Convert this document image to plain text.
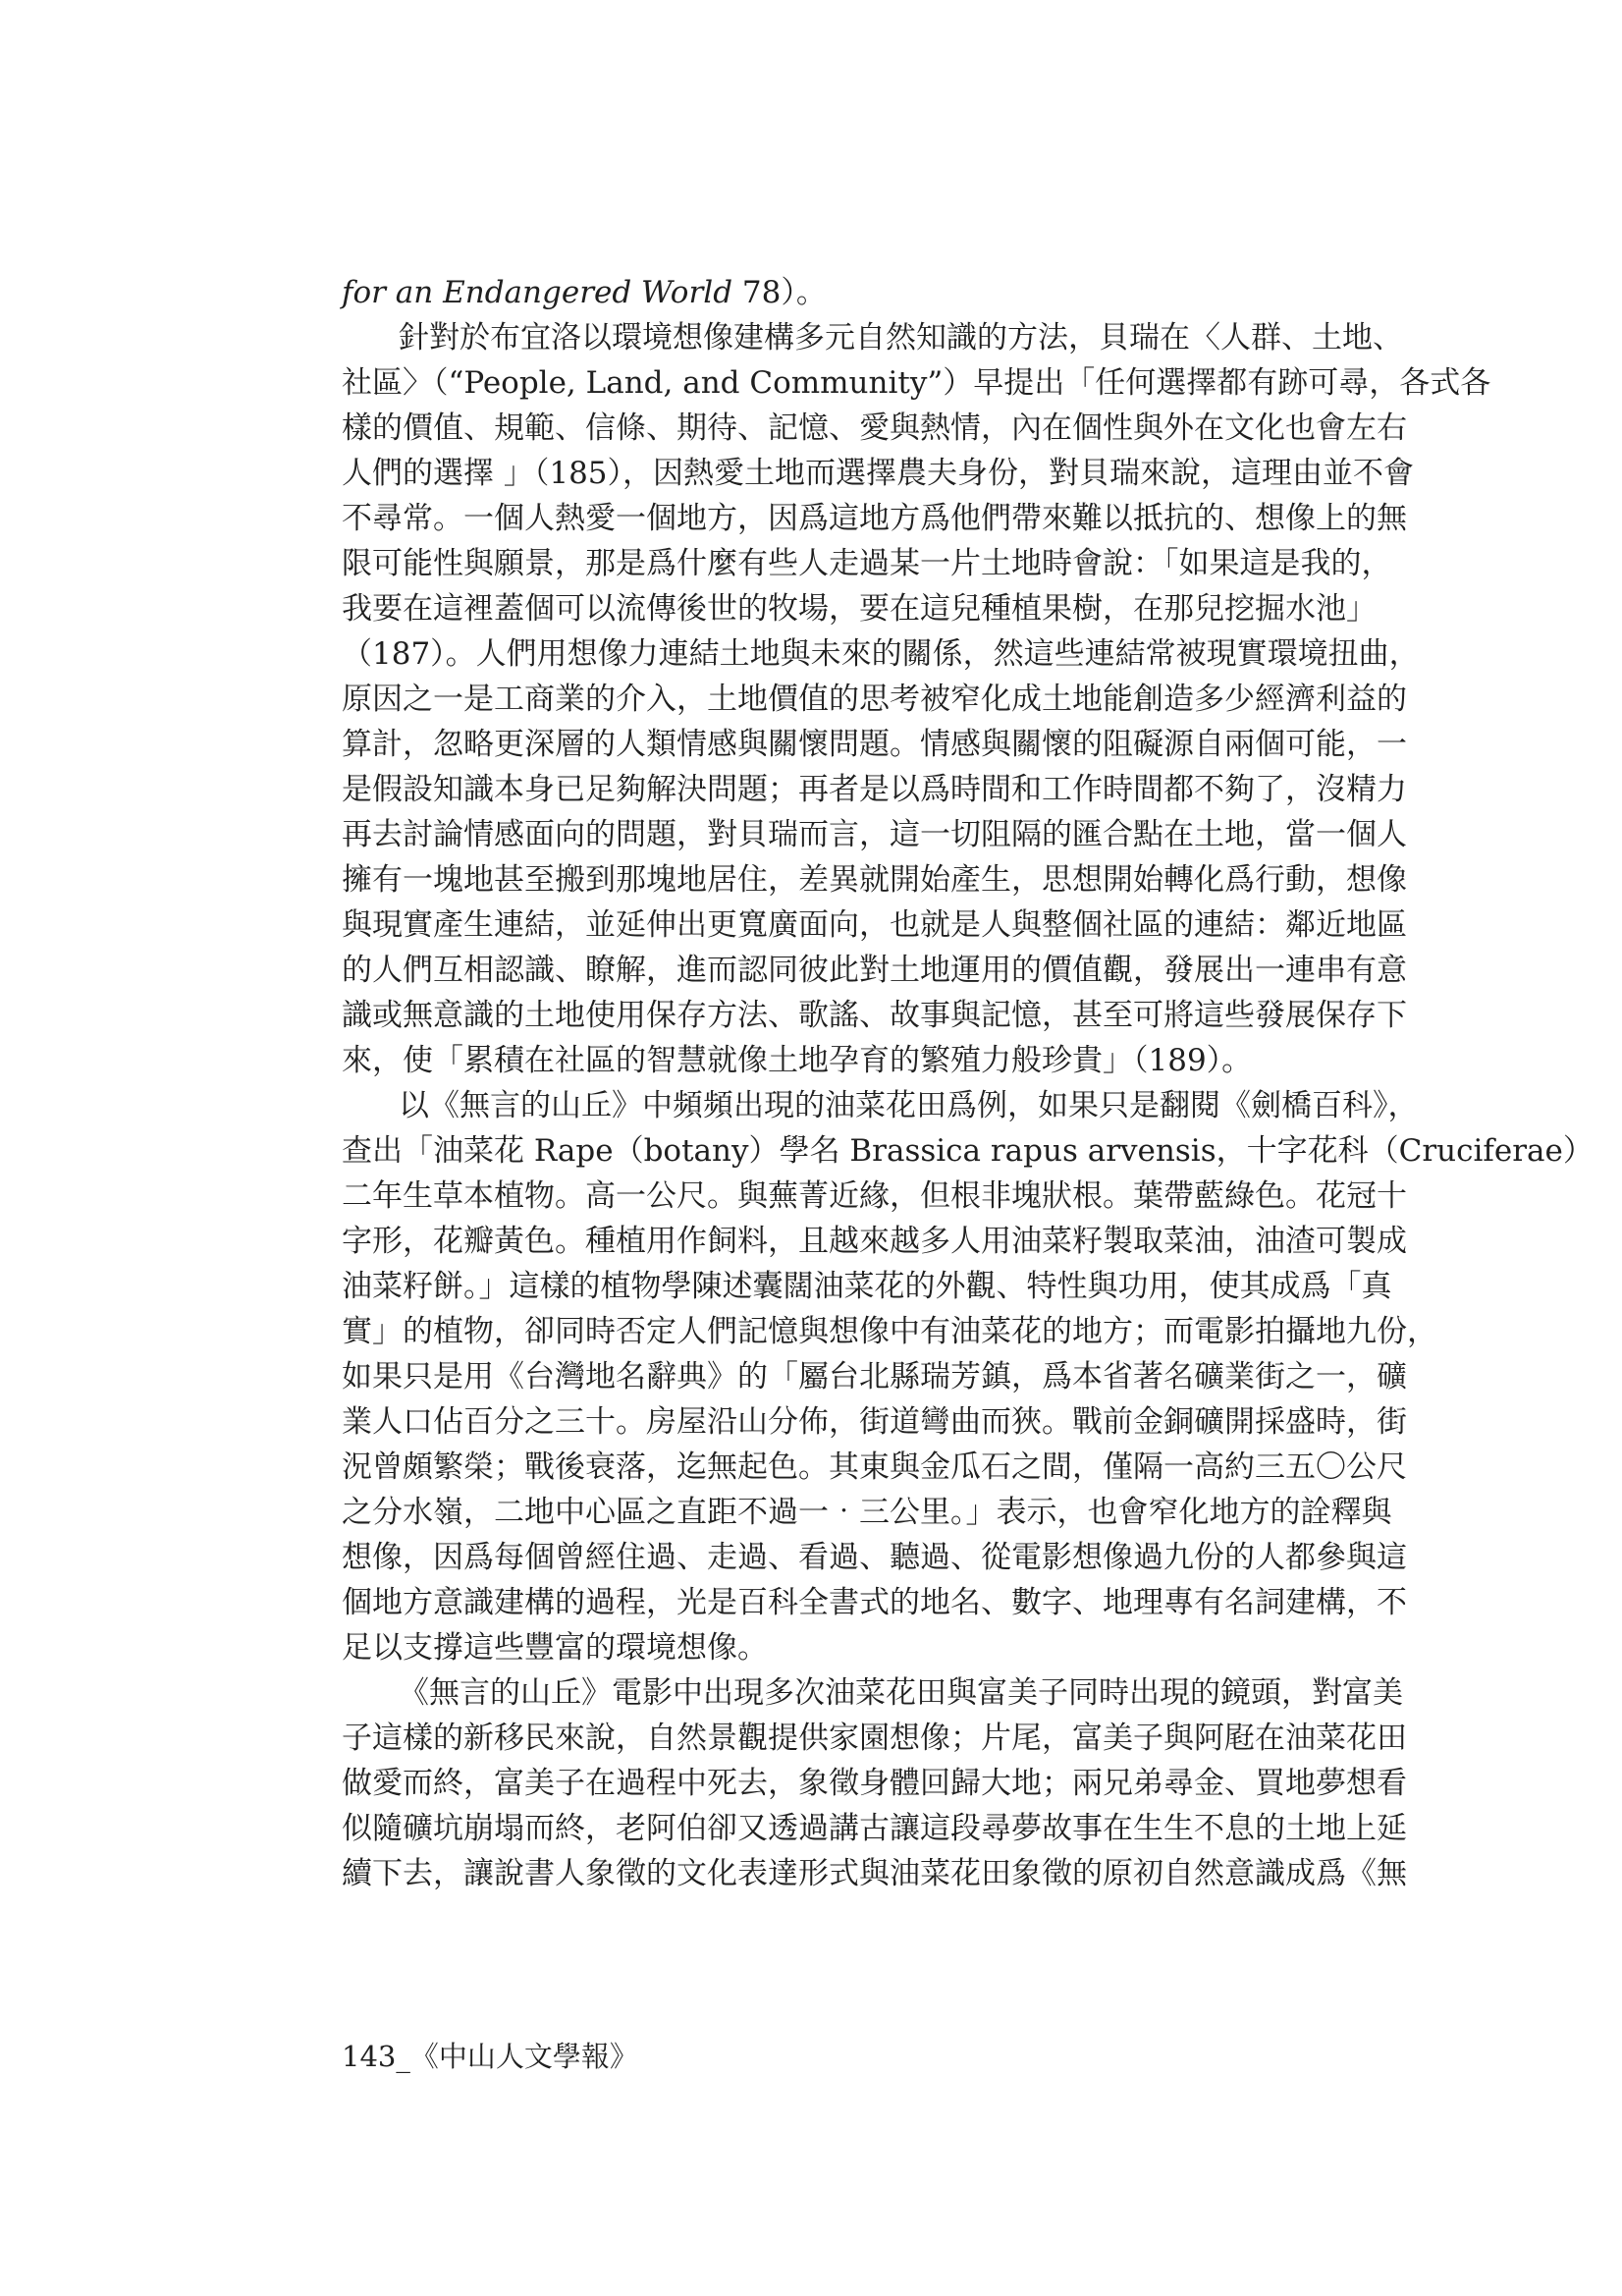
for an Endangered World 78）。
針對於布宜洛以環境想像建構多元自然知識的方法，貝瑞在〈人群、土地、
社區〉（“People, Land, and Community”）早提出「任何選擇都有跡可尋，各式各
樣的價值、規範、信條、期待、記憶、愛與熱情，內在個性與外在文化也會左右
人們的選擇 」（185），因熱愛土地而選擇農夫身份，對貝瑞來說，這理由並不會
不尋常。一個人熱愛一個地方，因爲這地方爲他們帶來難以抵抗的、想像上的無
限可能性與願景，那是爲什麼有些人走過某一片土地時會說：「如果這是我的，
我要在這裡蓋個可以流傳後世的牧場，要在這兒種植果樹，在那兒挖掘水池」
（187）。人們用想像力連結土地與未來的關係，然這些連結常被現實環境扭曲，
原因之一是工商業的介入，土地價值的思考被窄化成土地能創造多少經濟利益的
算計，忽略更深層的人類情感與關懷問題。情感與關懷的阻礙源自兩個可能，一
是假設知識本身已足夠解決問題；再者是以爲時間和工作時間都不夠了，沒精力
再去討論情感面向的問題，對貝瑞而言，這一切阻隔的匯合點在土地，當一個人
擁有一塊地甚至搬到那塊地居住，差異就開始產生，思想開始轉化爲行動，想像
與現實產生連結，並延伸出更寬廣面向，也就是人與整個社區的連結：鄰近地區
的人們互相認識、瞭解，進而認同彼此對土地運用的價值觀，發展出一連串有意
識或無意識的土地使用保存方法、歌謠、故事與記憶，甚至可將這些發展保存下
來，使「累積在社區的智慧就像土地孕育的繁殖力般珍貴」（189）。
以《無言的山丘》中頻頻出現的油菜花田爲例，如果只是翻閱《劍橋百科》，
查出「油菜花 Rape（botany）學名 Brassica rapus arvensis，十字花科（Cruciferae）
二年生草本植物。高一公尺。與蕪菁近緣，但根非塊狀根。葉帶藍綠色。花冠十
字形，花瓣黃色。種植用作飼料，且越來越多人用油菜籽製取菜油，油渣可製成
油菜籽餅。」這樣的植物學陳述囊闊油菜花的外觀、特性與功用，使其成爲「真
實」的植物，卻同時否定人們記憶與想像中有油菜花的地方；而電影拍攝地九份，
如果只是用《台灣地名辭典》的「屬台北縣瑞芳鎮，爲本省著名礦業街之一，礦
業人口佔百分之三十。房屋沿山分佈，街道彎曲而狹。戰前金銅礦開採盛時，街
況曾頗繁榮；戰後衰落，迄無起色。其東與金瓜石之間，僅隔一高約三五〇公尺
之分水嶺，二地中心區之直距不過一‧三公里。」表示，也會窄化地方的詮釋與
想像，因爲每個曾經住過、走過、看過、聽過、從電影想像過九份的人都參與這
個地方意識建構的過程，光是百科全書式的地名、數字、地理專有名詞建構，不
足以支撐這些豐富的環境想像。
《無言的山丘》電影中出現多次油菜花田與富美子同時出現的鏡頭，對富美
子這樣的新移民來說，自然景觀提供家園想像；片尾，富美子與阿屘在油菜花田
做愛而終，富美子在過程中死去，象徵身體回歸大地；兩兄弟尋金、買地夢想看
似隨礦坑崩塌而終，老阿伯卻又透過講古讓這段尋夢故事在生生不息的土地上延
續下去，讓說書人象徵的文化表達形式與油菜花田象徵的原初自然意識成爲《無
143_《中山人文學報》
